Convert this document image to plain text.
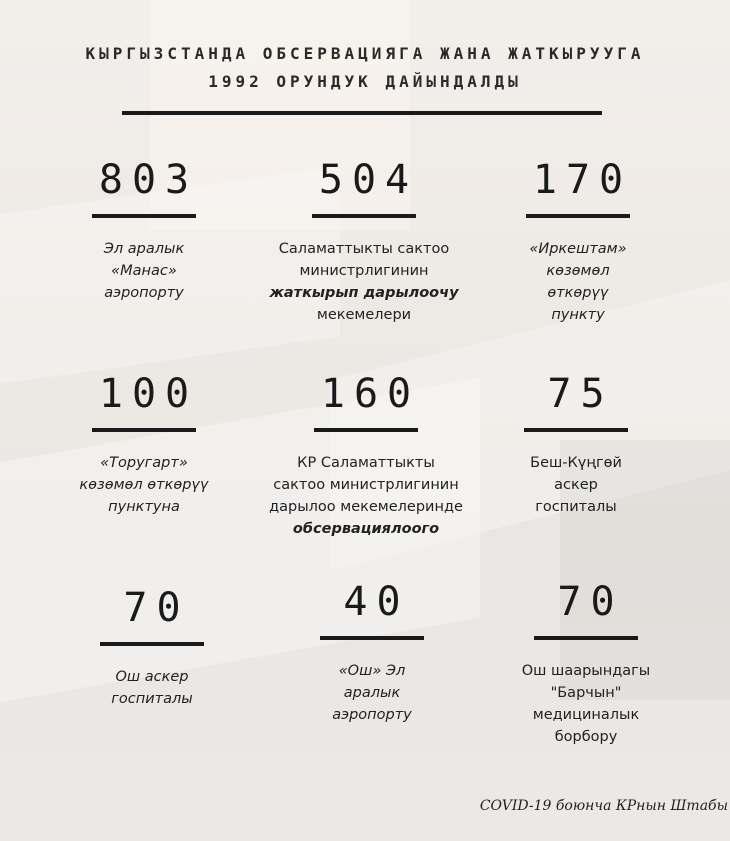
КЫРГЫЗСТАНДА ОБСЕРВАЦИЯГА ЖАНА ЖАТКЫРУУГА
1992 ОРУНДУК ДАЙЫНДАЛДЫ
803
Эл аралык
«Манас»
аэропорту
504
Саламаттыкты сактоо
министрлигинин
жаткырып дарылоочу
мекемелери
170
«Иркештам»
көзөмөл
өткөрүү
пункту
100
«Торугарт»
көзөмөл өткөрүү
пунктуна
160
КР Саламаттыкты
сактоо министрлигинин
дарылоо мекемелеринде
обсервациялоого
75
Беш-Күңгөй
аскер
госпиталы
70
Ош аскер
госпиталы
40
«Ош» Эл
аралык
аэропорту
70
Ош шаарындагы
"Барчын"
медициналык
борбору
COVID-19 боюнча КРнын Штабы
